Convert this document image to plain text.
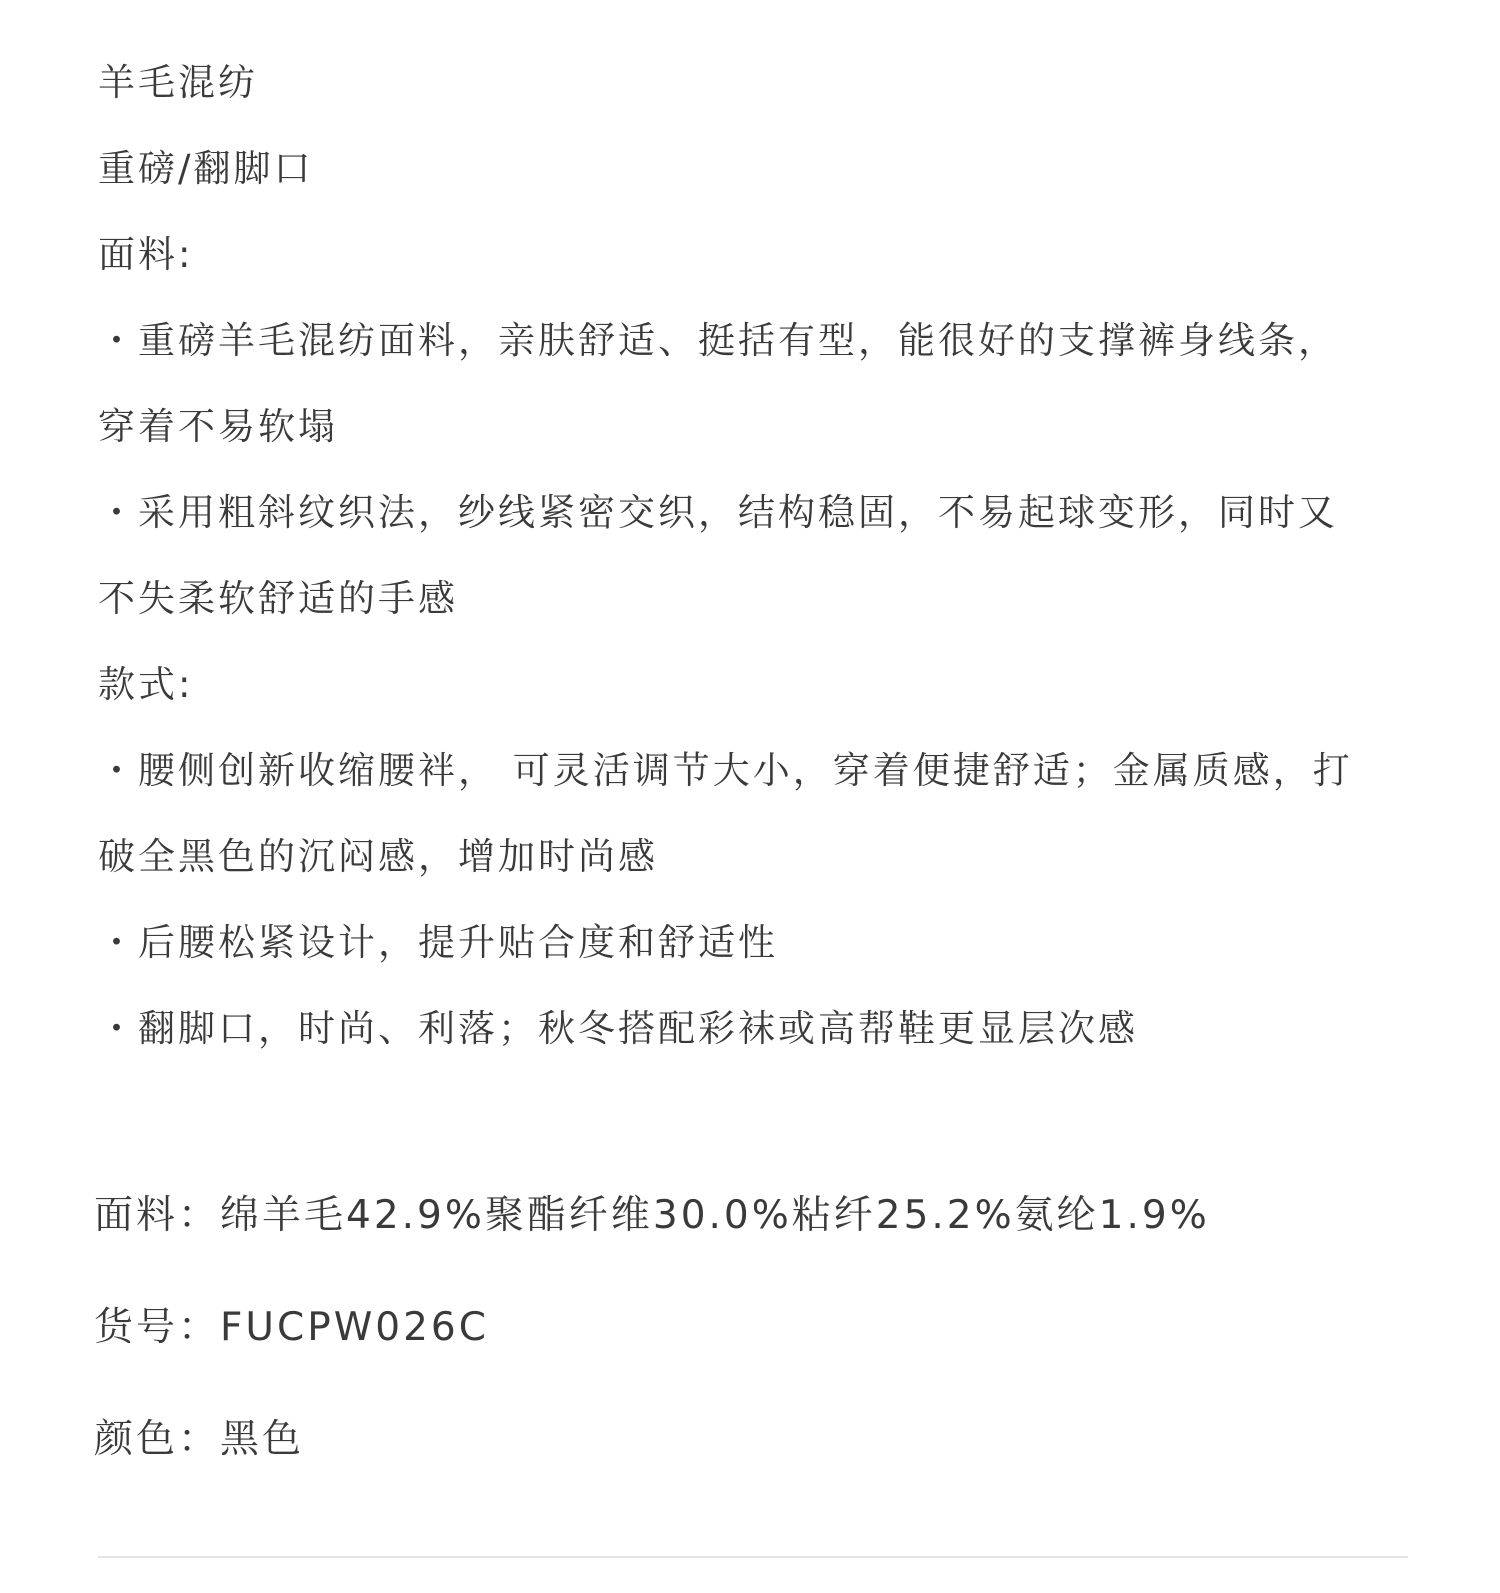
羊毛混纺
重磅/翻脚口
面料:
・重磅羊毛混纺面料，亲肤舒适、挺括有型，能很好的支撑裤身线条，
穿着不易软塌
・采用粗斜纹织法，纱线紧密交织，结构稳固，不易起球变形，同时又
不失柔软舒适的手感
款式:
・腰侧创新收缩腰袢， 可灵活调节大小，穿着便捷舒适；金属质感，打
破全黑色的沉闷感，增加时尚感
・后腰松紧设计，提升贴合度和舒适性
・翻脚口，时尚、利落；秋冬搭配彩袜或高帮鞋更显层次感
面料：绵羊毛42.9%聚酯纤维30.0%粘纤25.2%氨纶1.9%
货号：FUCPW026C
颜色：黑色
